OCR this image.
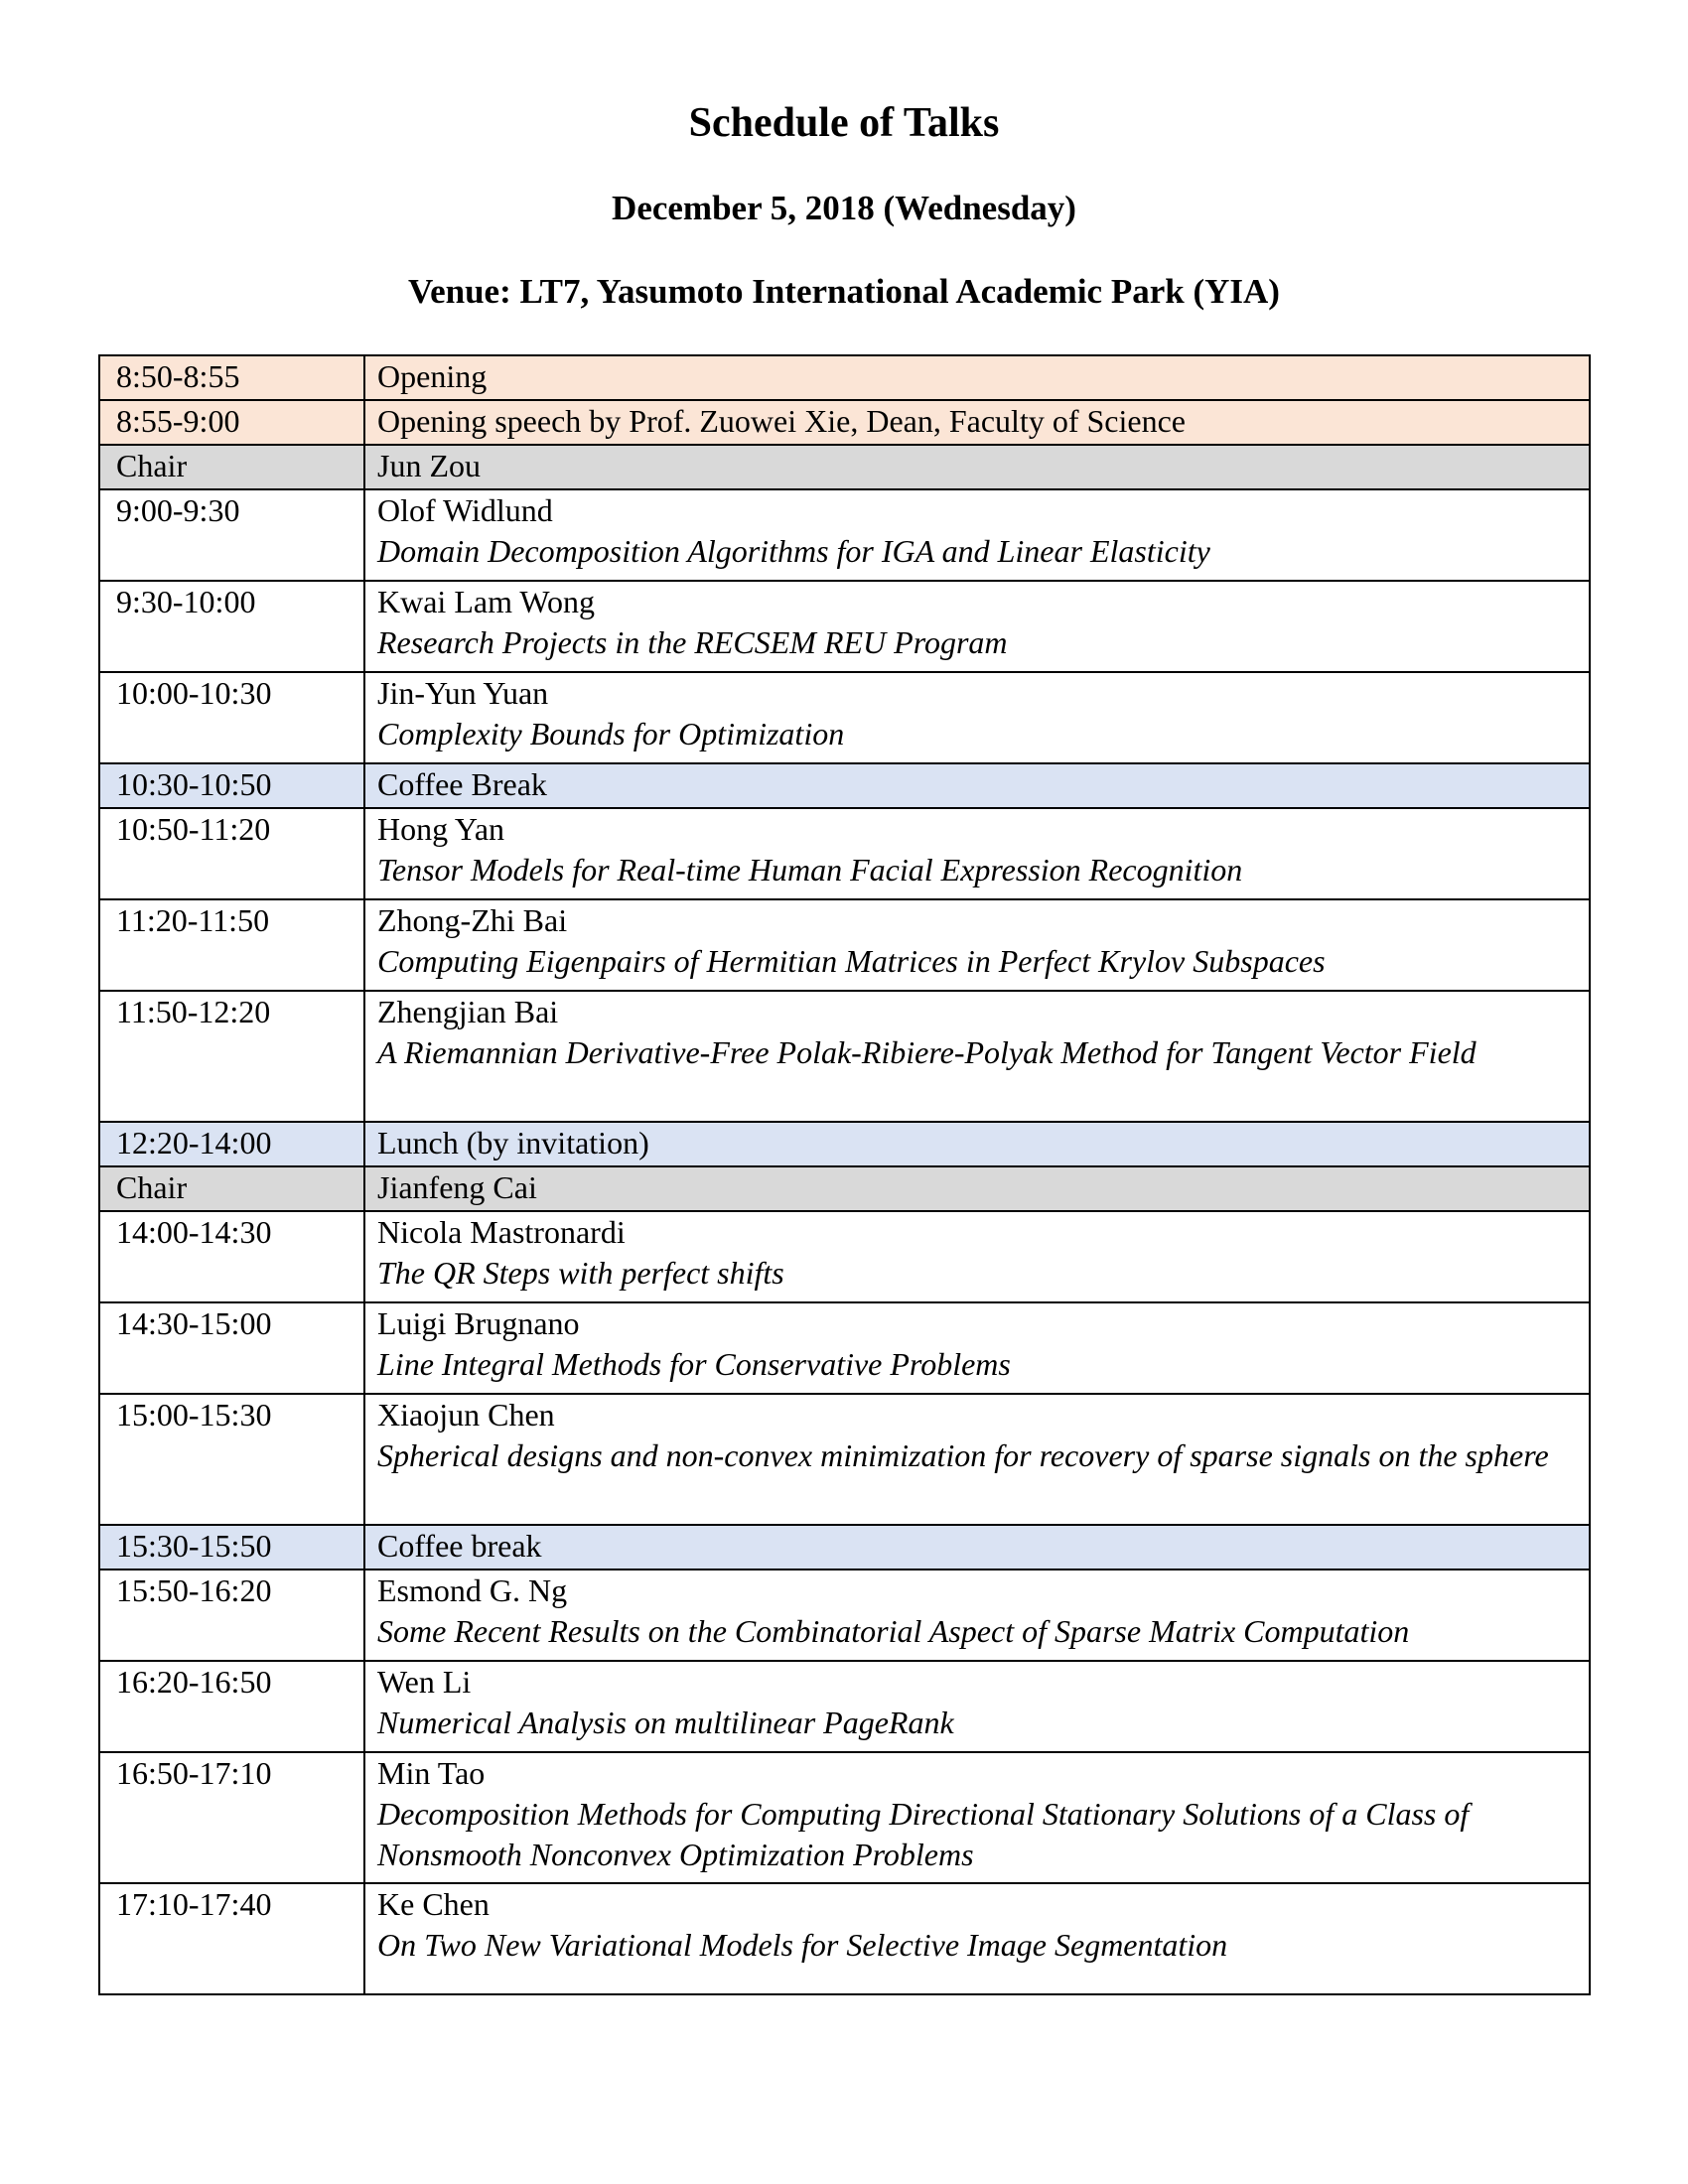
Schedule of Talks
December 5, 2018 (Wednesday)
Venue: LT7, Yasumoto International Academic Park (YIA)
8:50-8:55	Opening
8:55-9:00	Opening speech by Prof. Zuowei Xie, Dean, Faculty of Science
Chair	Jun Zou
9:00-9:30	Olof Widlund
Domain Decomposition Algorithms for IGA and Linear Elasticity

9:30-10:00	Kwai Lam Wong
Research Projects in the RECSEM REU Program

10:00-10:30	Jin-Yun Yuan
Complexity Bounds for Optimization

10:30-10:50	Coffee Break
10:50-11:20	Hong Yan
Tensor Models for Real-time Human Facial Expression Recognition

11:20-11:50	Zhong-Zhi Bai
Computing Eigenpairs of Hermitian Matrices in Perfect Krylov Subspaces

11:50-12:20	Zhengjian Bai
A Riemannian Derivative-Free Polak-Ribiere-Polyak Method for Tangent Vector Field

12:20-14:00	Lunch (by invitation)
Chair	Jianfeng Cai
14:00-14:30	Nicola Mastronardi
The QR Steps with perfect shifts

14:30-15:00	Luigi Brugnano
Line Integral Methods for Conservative Problems

15:00-15:30	Xiaojun Chen
Spherical designs and non-convex minimization for recovery of sparse signals on the sphere

15:30-15:50	Coffee break
15:50-16:20	Esmond G. Ng
Some Recent Results on the Combinatorial Aspect of Sparse Matrix Computation

16:20-16:50	Wen Li
Numerical Analysis on multilinear PageRank

16:50-17:10	Min Tao
Decomposition Methods for Computing Directional Stationary Solutions of a Class of Nonsmooth Nonconvex Optimization Problems

17:10-17:40	Ke Chen
On Two New Variational Models for Selective Image Segmentation
